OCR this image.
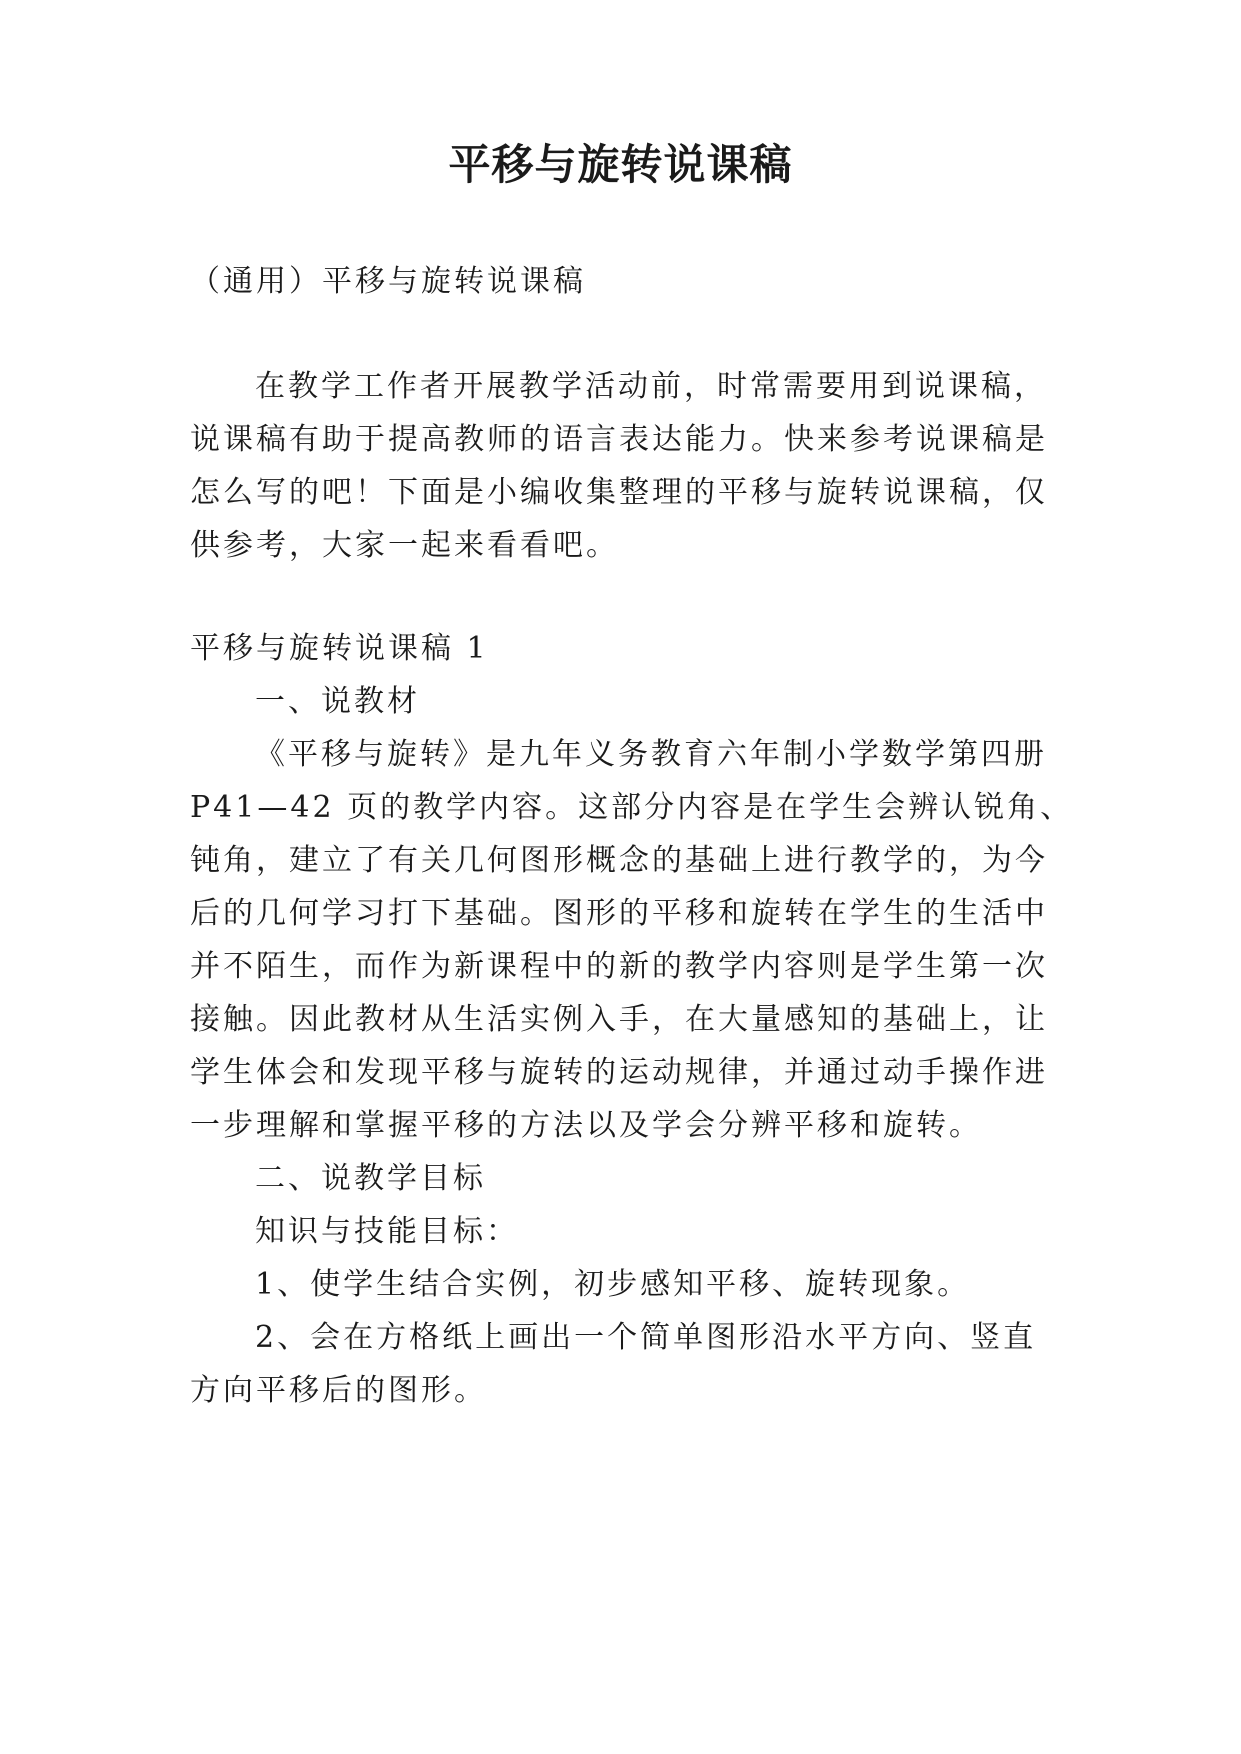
平移与旋转说课稿
（通用）平移与旋转说课稿
在教学工作者开展教学活动前，时常需要用到说课稿，
说课稿有助于提高教师的语言表达能力。快来参考说课稿是
怎么写的吧！下面是小编收集整理的平移与旋转说课稿，仅
供参考，大家一起来看看吧。
平移与旋转说课稿 1
一、说教材
《平移与旋转》是九年义务教育六年制小学数学第四册
P41—42 页的教学内容。这部分内容是在学生会辨认锐角、
钝角，建立了有关几何图形概念的基础上进行教学的，为今
后的几何学习打下基础。图形的平移和旋转在学生的生活中
并不陌生，而作为新课程中的新的教学内容则是学生第一次
接触。因此教材从生活实例入手，在大量感知的基础上，让
学生体会和发现平移与旋转的运动规律，并通过动手操作进
一步理解和掌握平移的方法以及学会分辨平移和旋转。
二、说教学目标
知识与技能目标：
1、使学生结合实例，初步感知平移、旋转现象。
2、会在方格纸上画出一个简单图形沿水平方向、竖直
方向平移后的图形。
